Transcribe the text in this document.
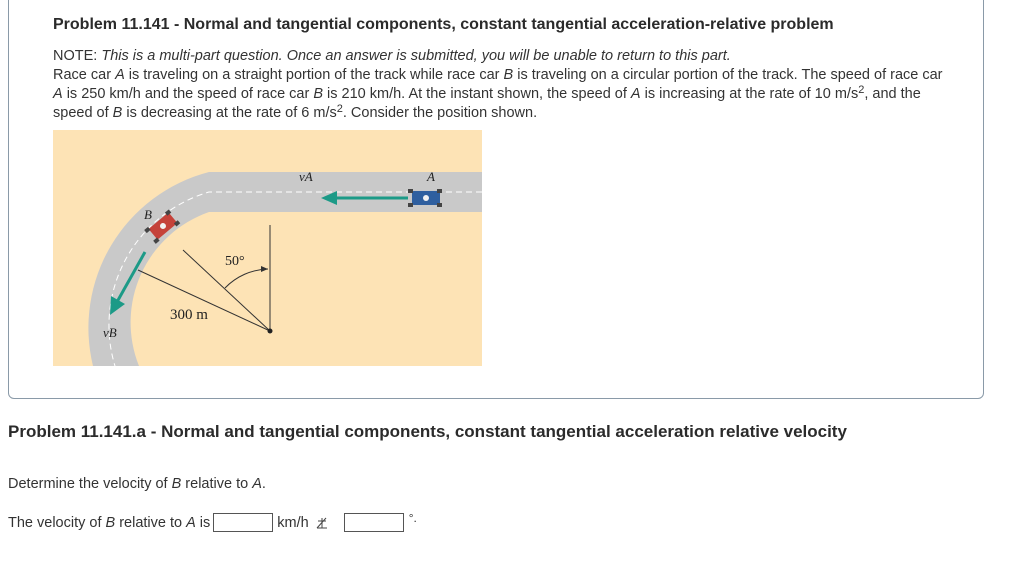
Problem 11.141 - Normal and tangential components, constant tangential acceleration-relative problem

NOTE: This is a multi-part question. Once an answer is submitted, you will be unable to return to this part.

Race car A is traveling on a straight portion of the track while race car B is traveling on a circular portion of the track. The speed of race car A is 250 km/h and the speed of race car B is 210 km/h. At the instant shown, the speed of A is increasing at the rate of 10 $m/s^2$, and the speed of B is decreasing at the rate of 6 $m/s^2$. Consider the position shown.

vA	A
B
50°
300 m
vB
Problem 11.141.a - Normal and tangential components, constant tangential acceleration relative velocity
Determine the velocity of B relative to A.
The velocity of B relative to A is	km/h	°.
